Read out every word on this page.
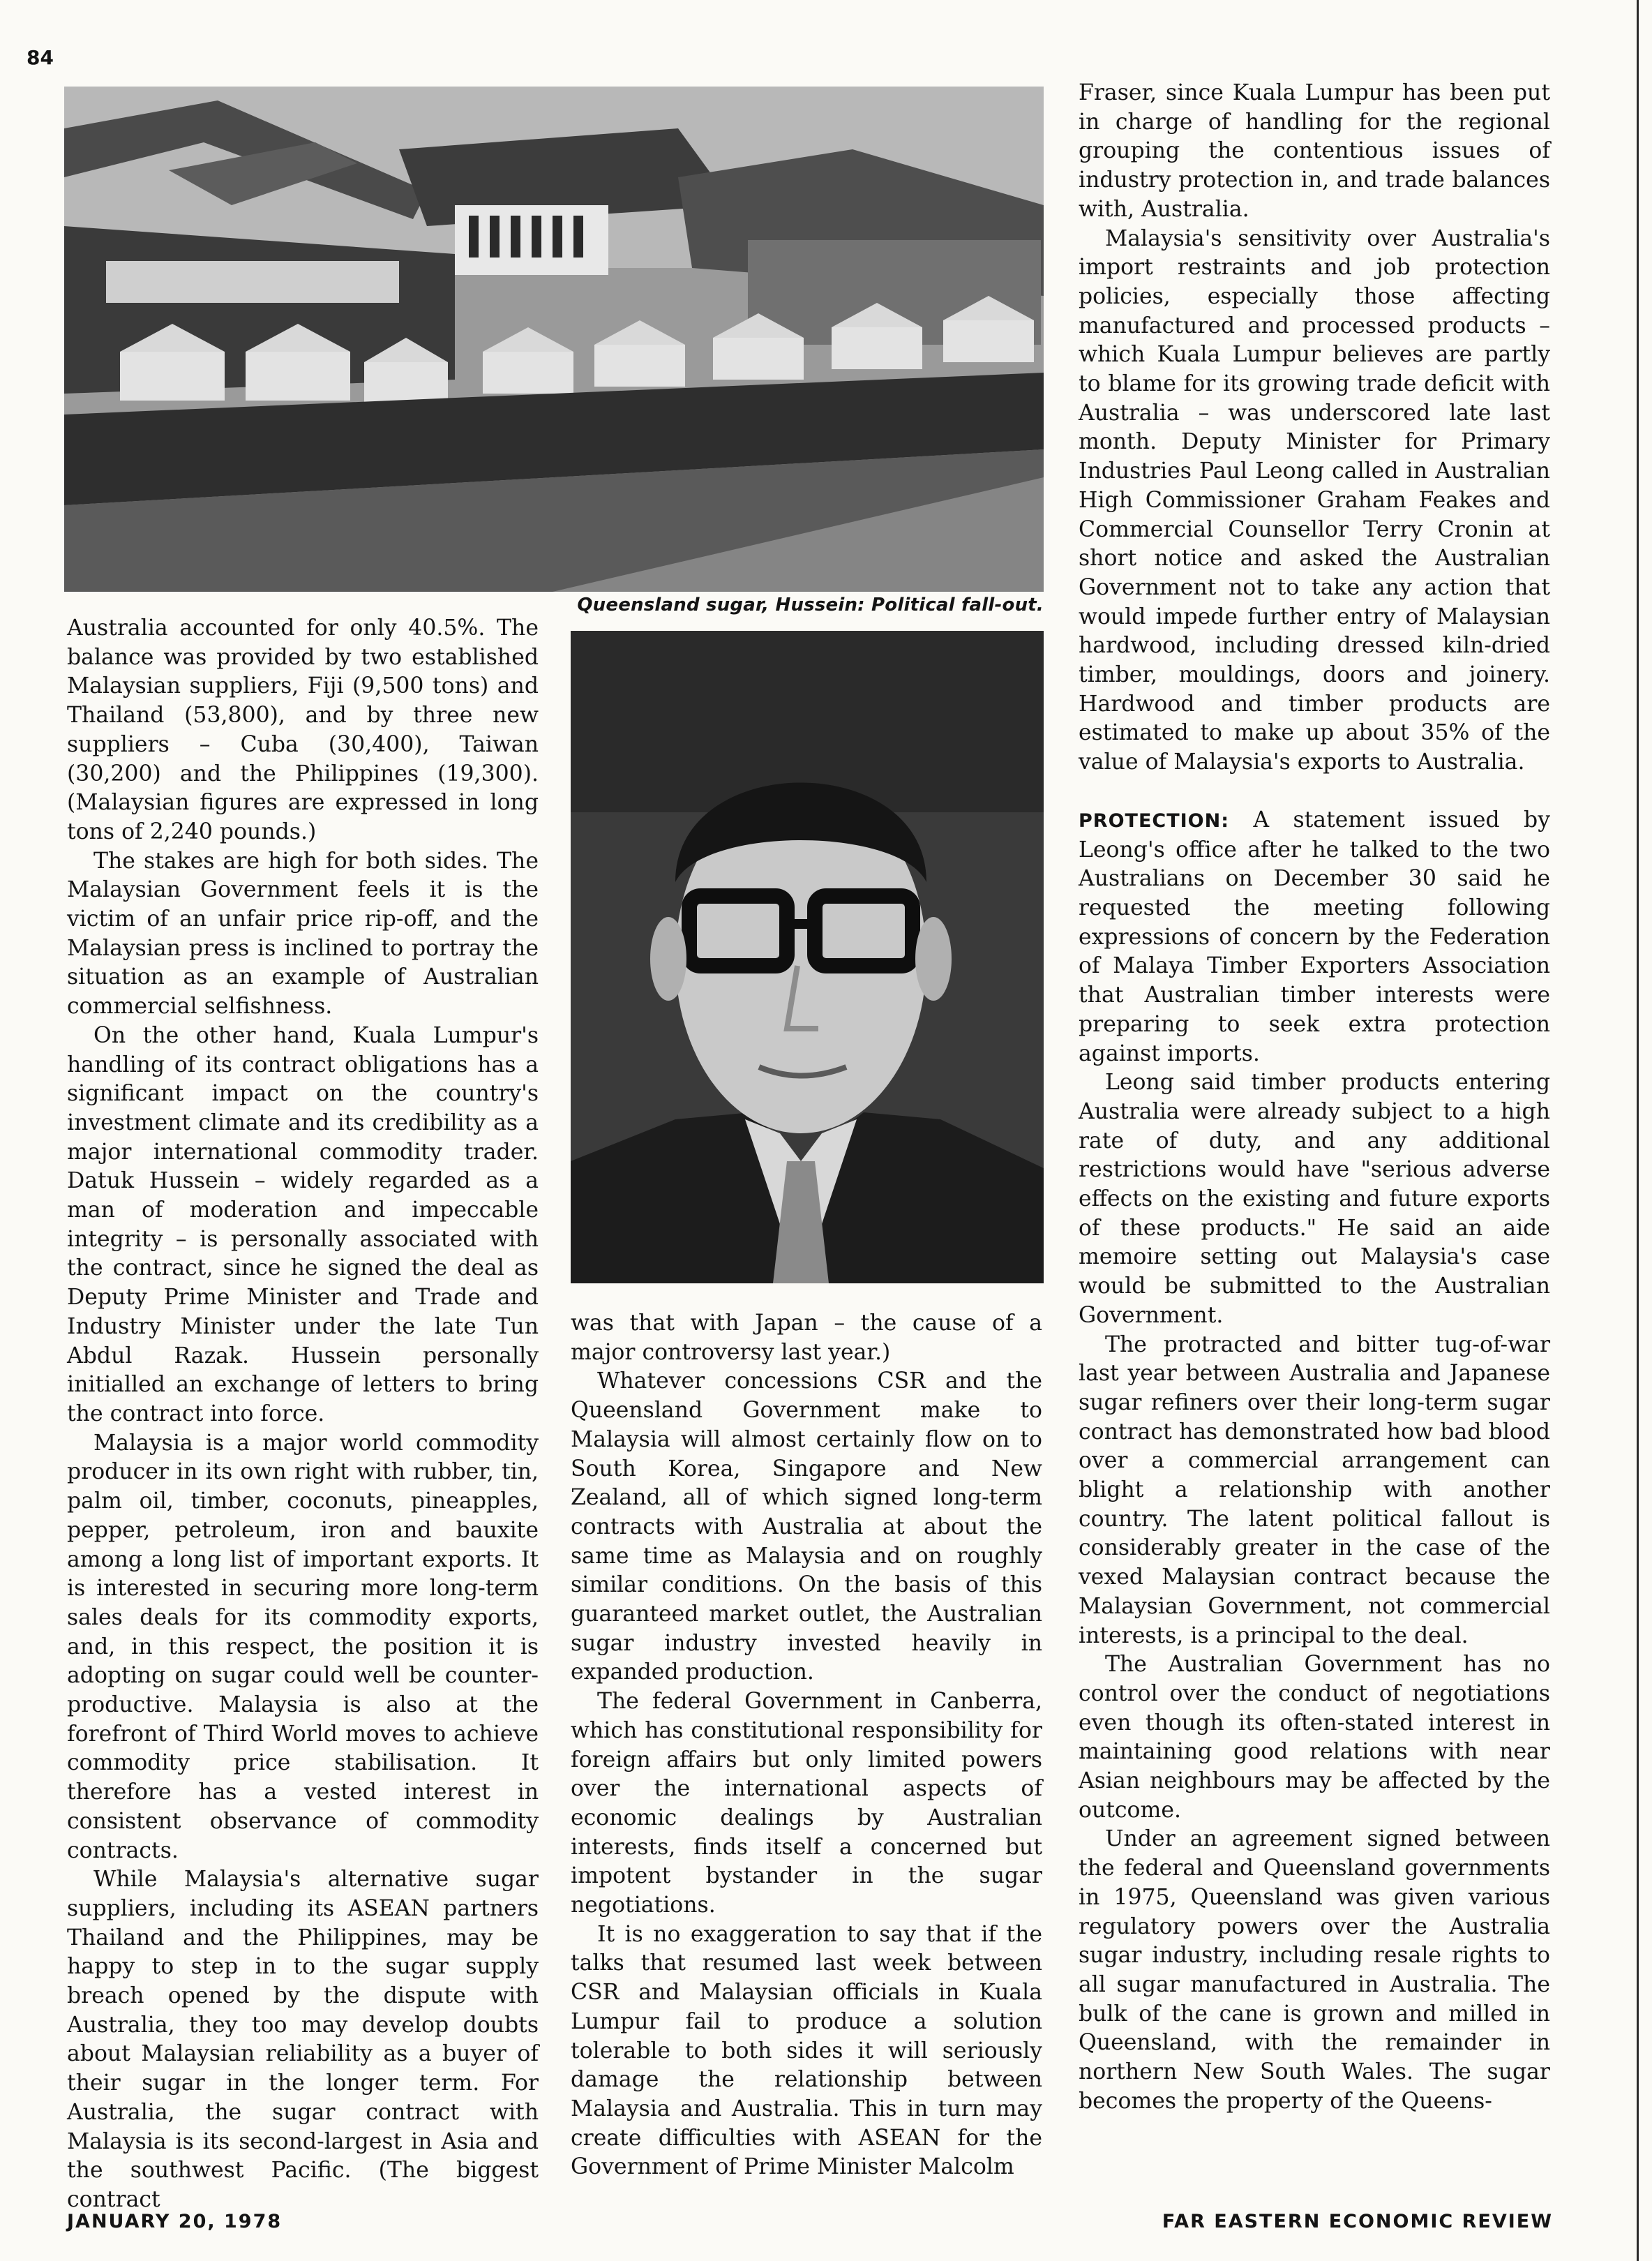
84
Queensland sugar, Hussein: Political fall-out.

Australia accounted for only 40.5%. The balance was provided by two established Malaysian suppliers, Fiji (9,500 tons) and Thailand (53,800), and by three new suppliers – Cuba (30,400), Taiwan (30,200) and the Philippines (19,300). (Malaysian figures are expressed in long tons of 2,240 pounds.)

The stakes are high for both sides. The Malaysian Government feels it is the victim of an unfair price rip-off, and the Malaysian press is inclined to portray the situation as an example of Australian commercial selfishness.

On the other hand, Kuala Lumpur's handling of its contract obligations has a significant impact on the country's investment climate and its credibility as a major international commodity trader. Datuk Hussein – widely regarded as a man of moderation and impeccable integrity – is personally associated with the contract, since he signed the deal as Deputy Prime Minister and Trade and Industry Minister under the late Tun Abdul Razak. Hussein personally initialled an exchange of letters to bring the contract into force.

Malaysia is a major world commodity producer in its own right with rubber, tin, palm oil, timber, coconuts, pineapples, pepper, petroleum, iron and bauxite among a long list of important exports. It is interested in securing more long-term sales deals for its commodity exports, and, in this respect, the position it is adopting on sugar could well be counter-productive. Malaysia is also at the forefront of Third World moves to achieve commodity price stabilisation. It therefore has a vested interest in consistent observance of commodity contracts.

While Malaysia's alternative sugar suppliers, including its ASEAN partners Thailand and the Philippines, may be happy to step in to the sugar supply breach opened by the dispute with Australia, they too may develop doubts about Malaysian reliability as a buyer of their sugar in the longer term. For Australia, the sugar contract with Malaysia is its second-largest in Asia and the southwest Pacific. (The biggest contract

was that with Japan – the cause of a major controversy last year.)

Whatever concessions CSR and the Queensland Government make to Malaysia will almost certainly flow on to South Korea, Singapore and New Zealand, all of which signed long-term contracts with Australia at about the same time as Malaysia and on roughly similar conditions. On the basis of this guaranteed market outlet, the Australian sugar industry invested heavily in expanded production.

The federal Government in Canberra, which has constitutional responsibility for foreign affairs but only limited powers over the international aspects of economic dealings by Australian interests, finds itself a concerned but impotent bystander in the sugar negotiations.

It is no exaggeration to say that if the talks that resumed last week between CSR and Malaysian officials in Kuala Lumpur fail to produce a solution tolerable to both sides it will seriously damage the relationship between Malaysia and Australia. This in turn may create difficulties with ASEAN for the Government of Prime Minister Malcolm

Fraser, since Kuala Lumpur has been put in charge of handling for the regional grouping the contentious issues of industry protection in, and trade balances with, Australia.

Malaysia's sensitivity over Australia's import restraints and job protection policies, especially those affecting manufactured and processed products – which Kuala Lumpur believes are partly to blame for its growing trade deficit with Australia – was underscored late last month. Deputy Minister for Primary Industries Paul Leong called in Australian High Commissioner Graham Feakes and Commercial Counsellor Terry Cronin at short notice and asked the Australian Government not to take any action that would impede further entry of Malaysian hardwood, including dressed kiln-dried timber, mouldings, doors and joinery. Hardwood and timber products are estimated to make up about 35% of the value of Malaysia's exports to Australia.

PROTECTION: A statement issued by Leong's office after he talked to the two Australians on December 30 said he requested the meeting following expressions of concern by the Federation of Malaya Timber Exporters Association that Australian timber interests were preparing to seek extra protection against imports.

Leong said timber products entering Australia were already subject to a high rate of duty, and any additional restrictions would have "serious adverse effects on the existing and future exports of these products." He said an aide memoire setting out Malaysia's case would be submitted to the Australian Government.

The protracted and bitter tug-of-war last year between Australia and Japanese sugar refiners over their long-term sugar contract has demonstrated how bad blood over a commercial arrangement can blight a relationship with another country. The latent political fallout is considerably greater in the case of the vexed Malaysian contract because the Malaysian Government, not commercial interests, is a principal to the deal.

The Australian Government has no control over the conduct of negotiations even though its often-stated interest in maintaining good relations with near Asian neighbours may be affected by the outcome.

Under an agreement signed between the federal and Queensland governments in 1975, Queensland was given various regulatory powers over the Australia sugar industry, including resale rights to all sugar manufactured in Australia. The bulk of the cane is grown and milled in Queensland, with the remainder in northern New South Wales. The sugar becomes the property of the Queens-

JANUARY 20, 1978	FAR EASTERN ECONOMIC REVIEW
